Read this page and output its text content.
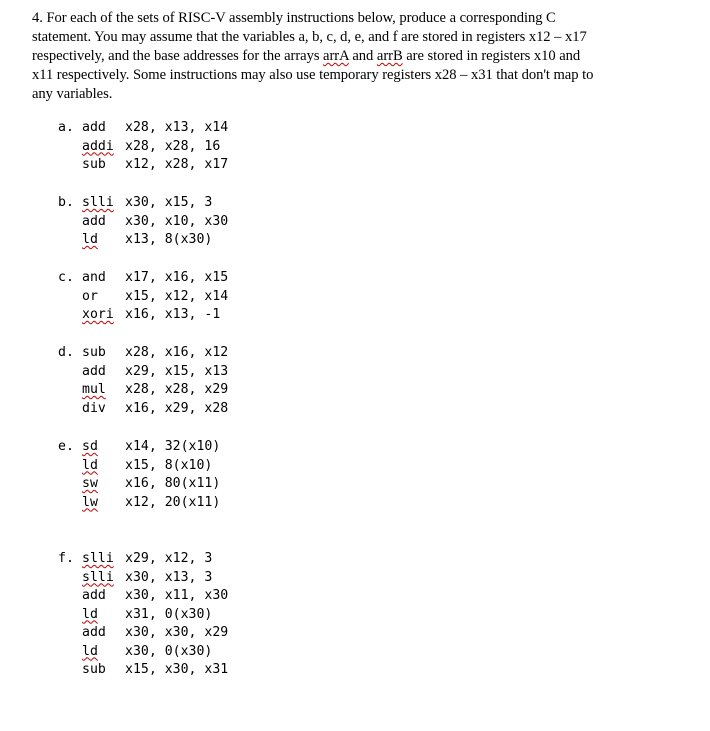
4. For each of the sets of RISC-V assembly instructions below, produce a corresponding C
statement. You may assume that the variables a, b, c, d, e, and f are stored in registers x12 – x17
respectively, and the base addresses for the arrays arrA and arrB are stored in registers x10 and
x11 respectively. Some instructions may also use temporary registers x28 – x31 that don't map to
any variables.
a. add x28, x13, x14
addi x28, x28, 16
sub x12, x28, x17
b. slli x30, x15, 3
add x30, x10, x30
ld x13, 8(x30)
c. and x17, x16, x15
or x15, x12, x14
xori x16, x13, -1
d. sub x28, x16, x12
add x29, x15, x13
mul x28, x28, x29
div x16, x29, x28
e. sd x14, 32(x10)
ld x15, 8(x10)
sw x16, 80(x11)
lw x12, 20(x11)
f. slli x29, x12, 3
slli x30, x13, 3
add x30, x11, x30
ld x31, 0(x30)
add x30, x30, x29
ld x30, 0(x30)
sub x15, x30, x31
